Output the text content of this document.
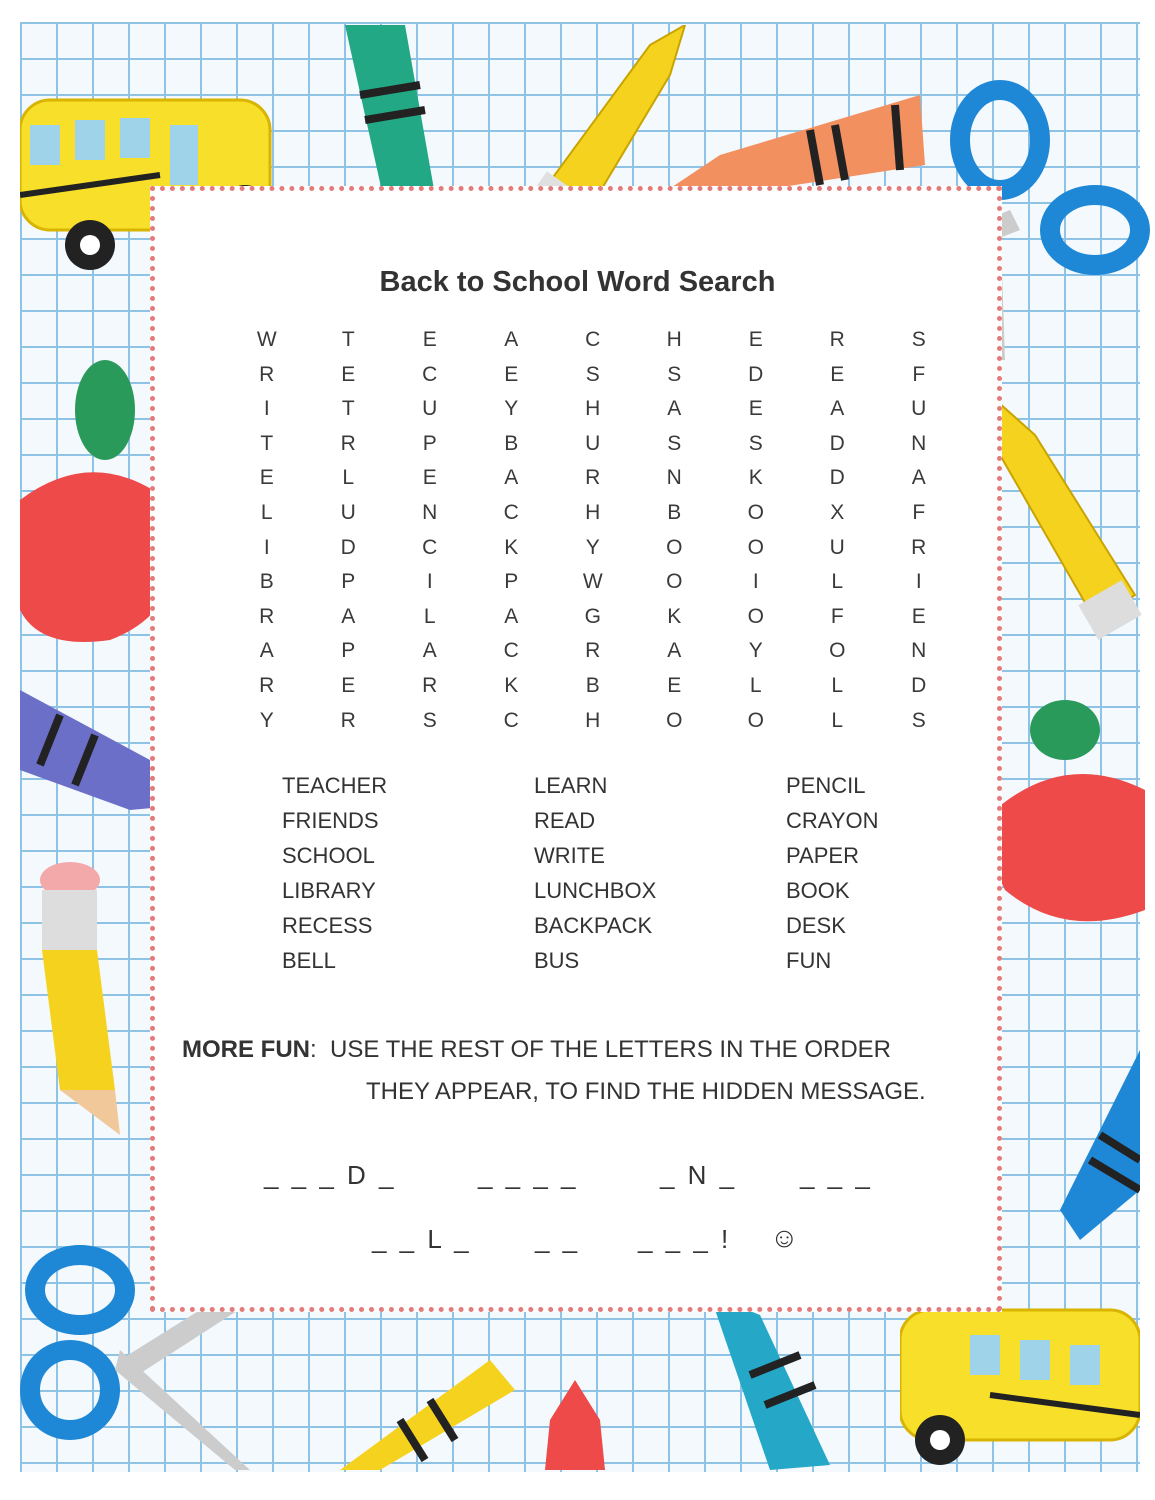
Back to School Word Search
W	T	E	A	C	H	E	R	S
R	E	C	E	S	S	D	E	F
I	T	U	Y	H	A	E	A	U
T	R	P	B	U	S	S	D	N
E	L	E	A	R	N	K	D	A
L	U	N	C	H	B	O	X	F
I	D	C	K	Y	O	O	U	R
B	P	I	P	W	O	I	L	I
R	A	L	A	G	K	O	F	E
A	P	A	C	R	A	Y	O	N
R	E	R	K	B	E	L	L	D
Y	R	S	C	H	O	O	L	S
TEACHER
FRIENDS
SCHOOL
LIBRARY
RECESS
BELL
LEARN
READ
WRITE
LUNCHBOX
BACKPACK
BUS
PENCIL
CRAYON
PAPER
BOOK
DESK
FUN
MORE FUN:  USE THE REST OF THE LETTERS IN THE ORDER
THEY APPEAR, TO FIND THE HIDDEN MESSAGE.
_ _ _ D _	_ _ _ _	_ N _ _ _ _
_ _ L _ _ _ _ _ _ ! ☺
